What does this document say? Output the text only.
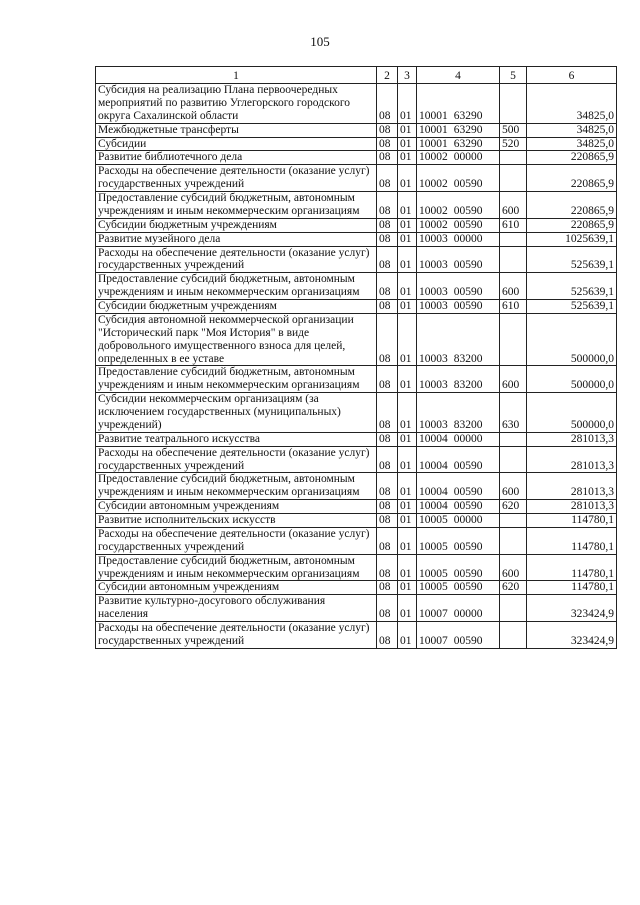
105
1	2	3	4	5	6
Субсидия на реализацию Плана первоочередных мероприятий по развитию Углегорского городского округа Сахалинской области	08	01	10001 63290		34825,0
Межбюджетные трансферты	08	01	10001 63290	500	34825,0
Субсидии	08	01	10001 63290	520	34825,0
Развитие библиотечного дела	08	01	10002 00000		220865,9
Расходы на обеспечение деятельности (оказание услуг) государственных учреждений	08	01	10002 00590		220865,9
Предоставление субсидий бюджетным, автономным учреждениям и иным некоммерческим организациям	08	01	10002 00590	600	220865,9
Субсидии бюджетным учреждениям	08	01	10002 00590	610	220865,9
Развитие музейного дела	08	01	10003 00000		1025639,1
Расходы на обеспечение деятельности (оказание услуг) государственных учреждений	08	01	10003 00590		525639,1
Предоставление субсидий бюджетным, автономным учреждениям и иным некоммерческим организациям	08	01	10003 00590	600	525639,1
Субсидии бюджетным учреждениям	08	01	10003 00590	610	525639,1
Субсидия автономной некоммерческой организации "Исторический парк "Моя История" в виде добровольного имущественного взноса для целей, определенных в ее уставе	08	01	10003 83200		500000,0
Предоставление субсидий бюджетным, автономным учреждениям и иным некоммерческим организациям	08	01	10003 83200	600	500000,0
Субсидии некоммерческим организациям (за исключением государственных (муниципальных) учреждений)	08	01	10003 83200	630	500000,0
Развитие театрального искусства	08	01	10004 00000		281013,3
Расходы на обеспечение деятельности (оказание услуг) государственных учреждений	08	01	10004 00590		281013,3
Предоставление субсидий бюджетным, автономным учреждениям и иным некоммерческим организациям	08	01	10004 00590	600	281013,3
Субсидии автономным учреждениям	08	01	10004 00590	620	281013,3
Развитие исполнительских искусств	08	01	10005 00000		114780,1
Расходы на обеспечение деятельности (оказание услуг) государственных учреждений	08	01	10005 00590		114780,1
Предоставление субсидий бюджетным, автономным учреждениям и иным некоммерческим организациям	08	01	10005 00590	600	114780,1
Субсидии автономным учреждениям	08	01	10005 00590	620	114780,1
Развитие культурно-досугового обслуживания населения	08	01	10007 00000		323424,9
Расходы на обеспечение деятельности (оказание услуг) государственных учреждений	08	01	10007 00590		323424,9
